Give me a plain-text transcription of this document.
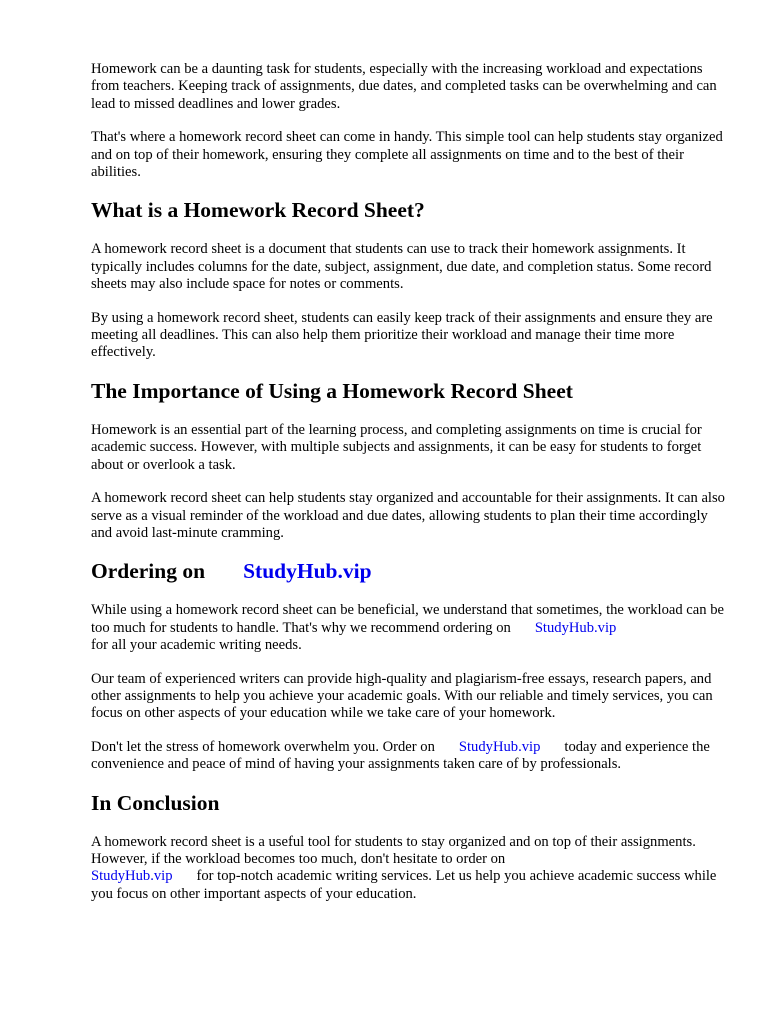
Homework can be a daunting task for students, especially with the increasing workload and expectations from teachers. Keeping track of assignments, due dates, and completed tasks can be overwhelming and can lead to missed deadlines and lower grades.

That's where a homework record sheet can come in handy. This simple tool can help students stay organized and on top of their homework, ensuring they complete all assignments on time and to the best of their abilities.

What is a Homework Record Sheet?

A homework record sheet is a document that students can use to track their homework assignments. It typically includes columns for the date, subject, assignment, due date, and completion status. Some record sheets may also include space for notes or comments.

By using a homework record sheet, students can easily keep track of their assignments and ensure they are meeting all deadlines. This can also help them prioritize their workload and manage their time more effectively.

The Importance of Using a Homework Record Sheet

Homework is an essential part of the learning process, and completing assignments on time is crucial for academic success. However, with multiple subjects and assignments, it can be easy for students to forget about or overlook a task.

A homework record sheet can help students stay organized and accountable for their assignments. It can also serve as a visual reminder of the workload and due dates, allowing students to plan their time accordingly and avoid last-minute cramming.

Ordering on StudyHub.vip

While using a homework record sheet can be beneficial, we understand that sometimes, the workload can be too much for students to handle. That's why we recommend ordering on StudyHub.vip
for all your academic writing needs.

Our team of experienced writers can provide high-quality and plagiarism-free essays, research papers, and other assignments to help you achieve your academic goals. With our reliable and timely services, you can focus on other aspects of your education while we take care of your homework.

Don't let the stress of homework overwhelm you. Order on StudyHub.vip today and experience the convenience and peace of mind of having your assignments taken care of by professionals.

In Conclusion

A homework record sheet is a useful tool for students to stay organized and on top of their assignments. However, if the workload becomes too much, don't hesitate to order on
StudyHub.vip for top-notch academic writing services. Let us help you achieve academic success while you focus on other important aspects of your education.
